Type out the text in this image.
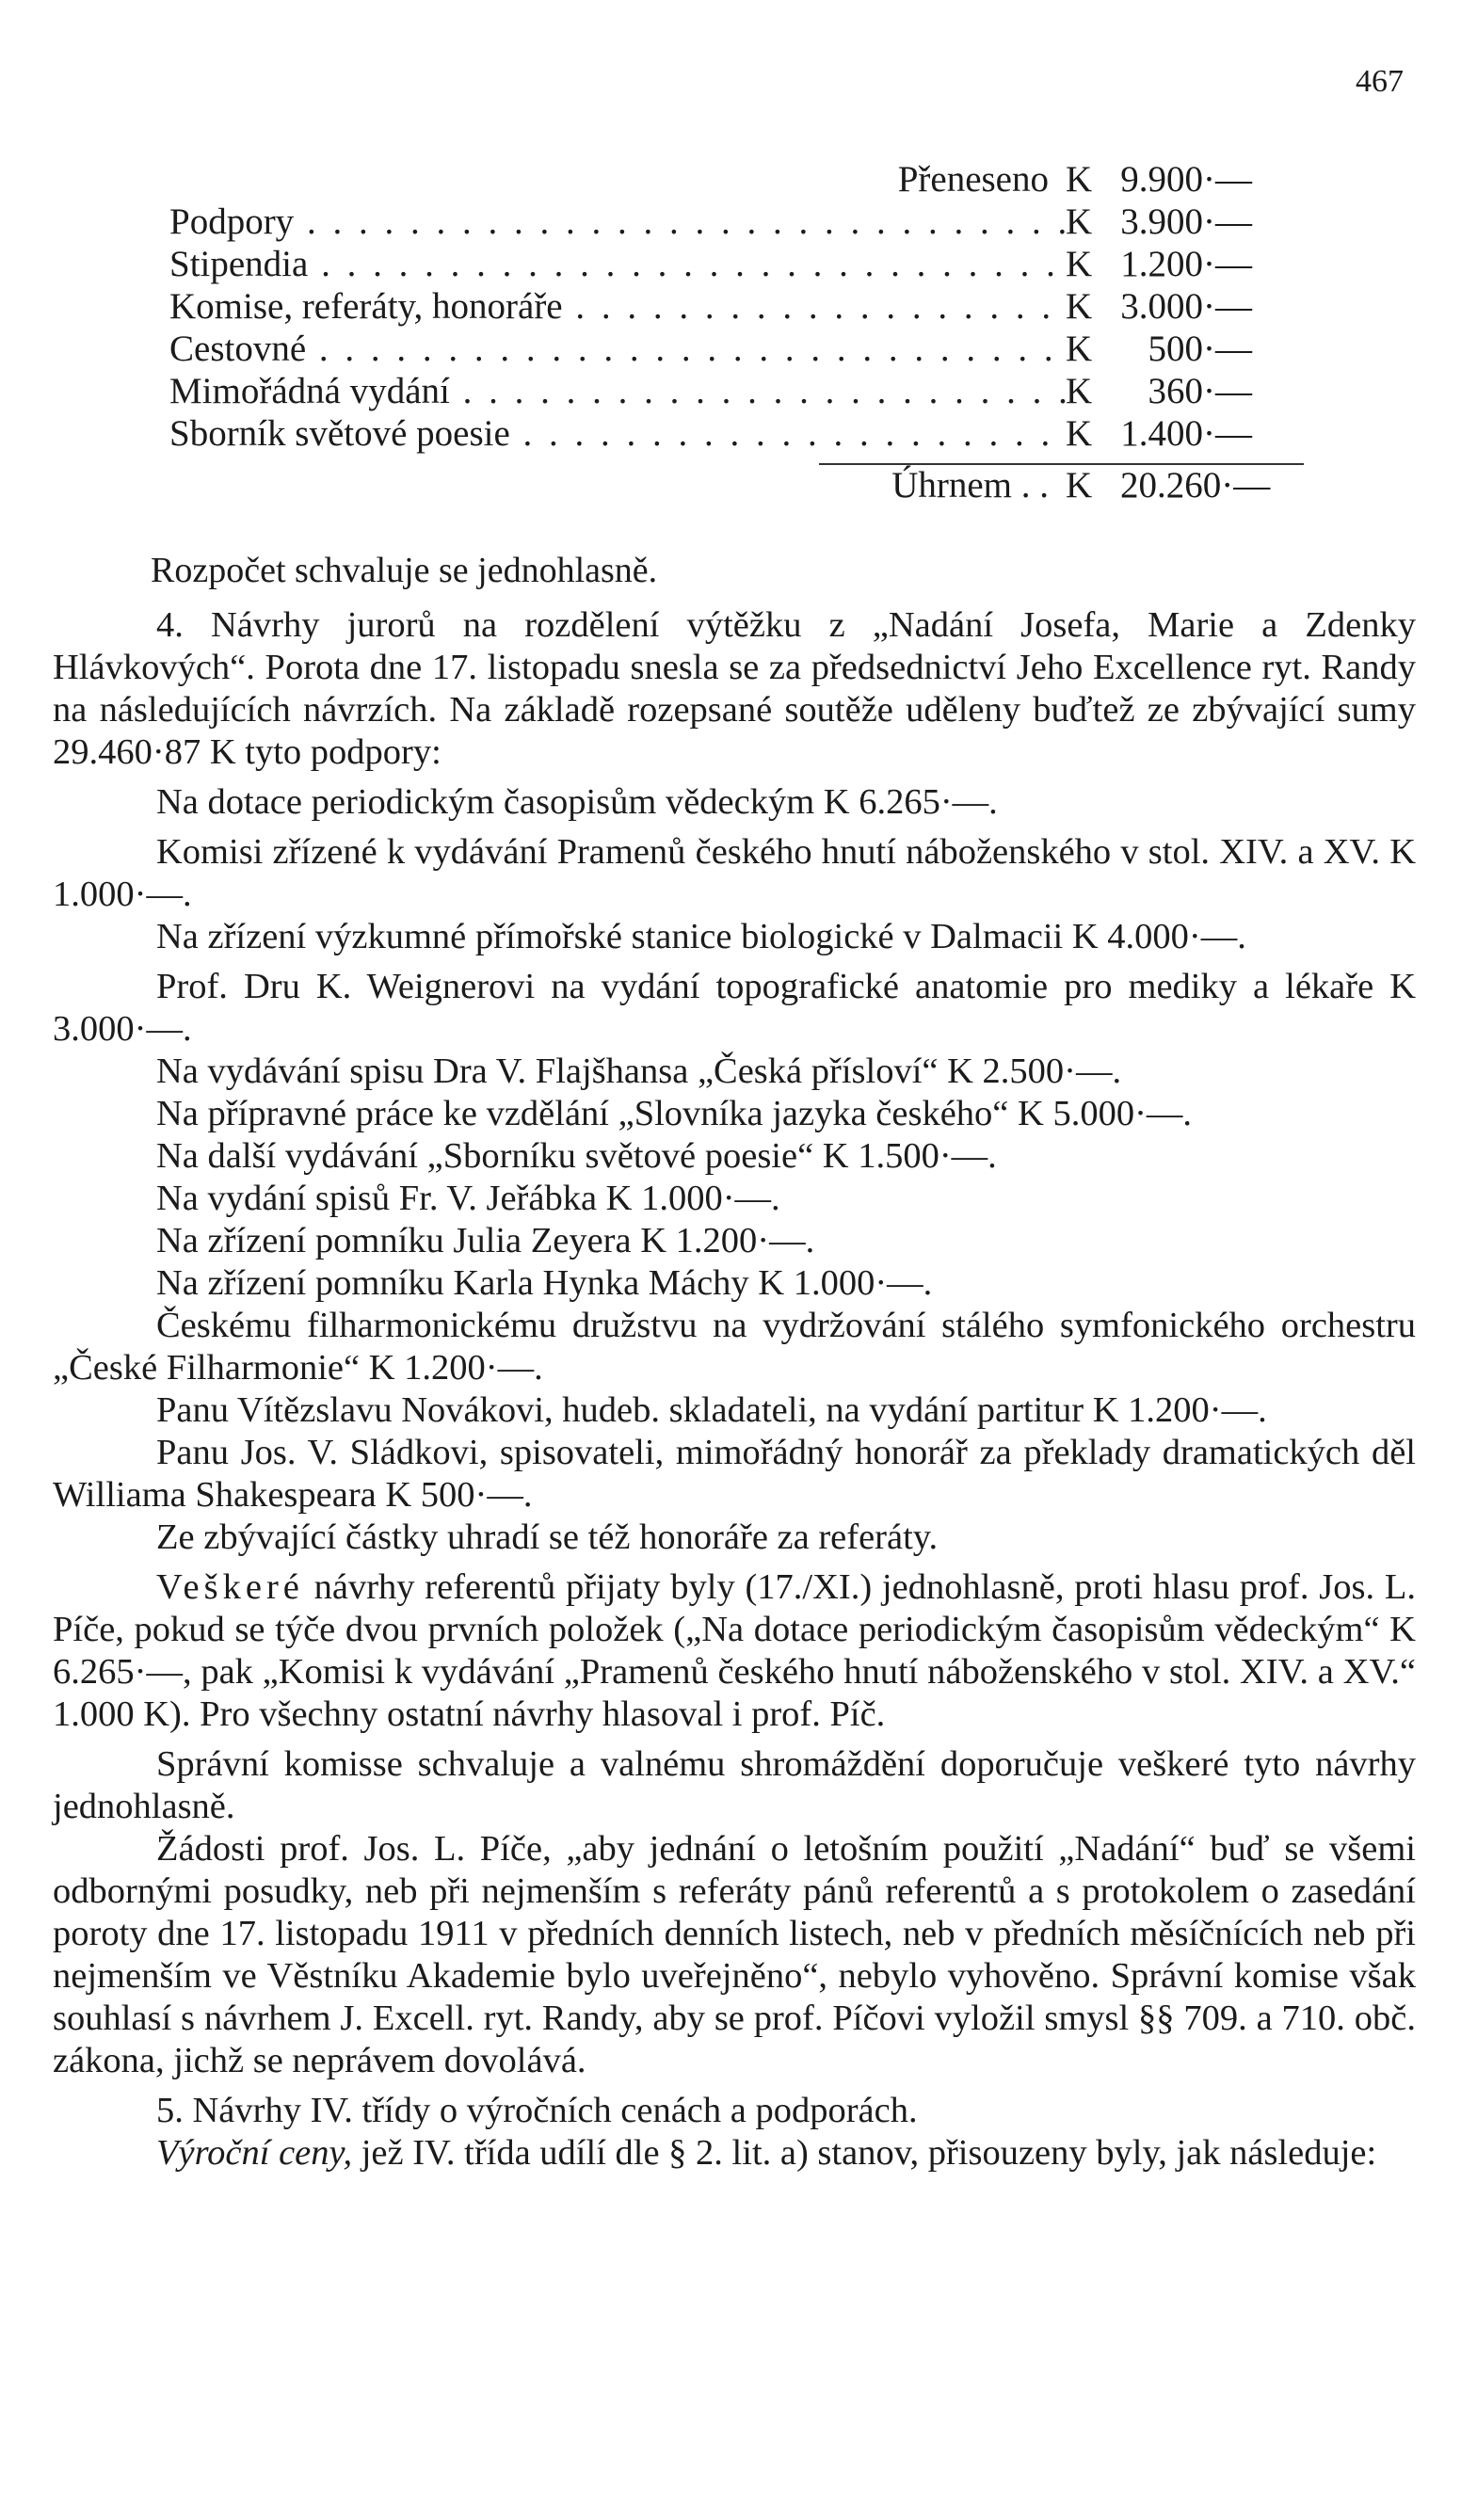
467
Přeneseno K 9.900·—
Podpory . . .	K 3.900·—
Stipendia . . .	K 1.200·—
Komise, referáty, honoráře . . .	K 3.000·—
Cestovné . . .	K	500·—
Mimořádná vydání . . .	K	360·—
Sborník světové poesie . . .	K 1.400·—
Úhrnem . . K 20.260·—
Rozpočet schvaluje se jednohlasně.

4. Návrhy jurorů na rozdělení výtěžku z „Nadání Josefa, Marie a Zdenky Hlávkových“. Porota dne 17. listopadu snesla se za předsednictví Jeho Excellence ryt. Randy na následujících návrzích. Na základě rozepsané soutěže uděleny buďtež ze zbývající sumy 29.460·87 K tyto podpory:

Na dotace periodickým časopisům vědeckým K 6.265·—.

Komisi zřízené k vydávání Pramenů českého hnutí náboženského v stol. XIV. a XV. K 1.000·—.

Na zřízení výzkumné přímořské stanice biologické v Dalmacii K 4.000·—.

Prof. Dru K. Weignerovi na vydání topografické anatomie pro mediky a lékaře K 3.000·—.

Na vydávání spisu Dra V. Flajšhansa „Česká přísloví“ K 2.500·—.

Na přípravné práce ke vzdělání „Slovníka jazyka českého“ K 5.000·—.

Na další vydávání „Sborníku světové poesie“ K 1.500·—.

Na vydání spisů Fr. V. Jeřábka K 1.000·—.

Na zřízení pomníku Julia Zeyera K 1.200·—.

Na zřízení pomníku Karla Hynka Máchy K 1.000·—.

Českému filharmonickému družstvu na vydržování stálého symfonického orchestru „České Filharmonie“ K 1.200·—.

Panu Vítězslavu Novákovi, hudeb. skladateli, na vydání partitur K 1.200·—.

Panu Jos. V. Sládkovi, spisovateli, mimořádný honorář za překlady dramatických děl Williama Shakespeara K 500·—.

Ze zbývající částky uhradí se též honoráře za referáty.

Veškeré návrhy referentů přijaty byly (17./XI.) jednohlasně, proti hlasu prof. Jos. L. Píče, pokud se týče dvou prvních položek („Na dotace periodickým časopisům vědeckým“ K 6.265·—, pak „Komisi k vydávání „Pramenů českého hnutí náboženského v stol. XIV. a XV.“ 1.000 K). Pro všechny ostatní návrhy hlasoval i prof. Píč.

Správní komisse schvaluje a valnému shromáždění doporučuje veškeré tyto návrhy jednohlasně.

Žádosti prof. Jos. L. Píče, „aby jednání o letošním použití „Nadání“ buď se všemi odbornými posudky, neb při nejmenším s referáty pánů referentů a s protokolem o zasedání poroty dne 17. listopadu 1911 v předních denních listech, neb v předních měsíčnících neb při nejmenším ve Věstníku Akademie bylo uveřejněno“, nebylo vyhověno. Správní komise však souhlasí s návrhem J. Excell. ryt. Randy, aby se prof. Píčovi vyložil smysl §§ 709. a 710. obč. zákona, jichž se neprávem dovolává.

5. Návrhy IV. třídy o výročních cenách a podporách.

Výroční ceny, jež IV. třída udílí dle § 2. lit. a) stanov, přisouzeny byly, jak následuje:
